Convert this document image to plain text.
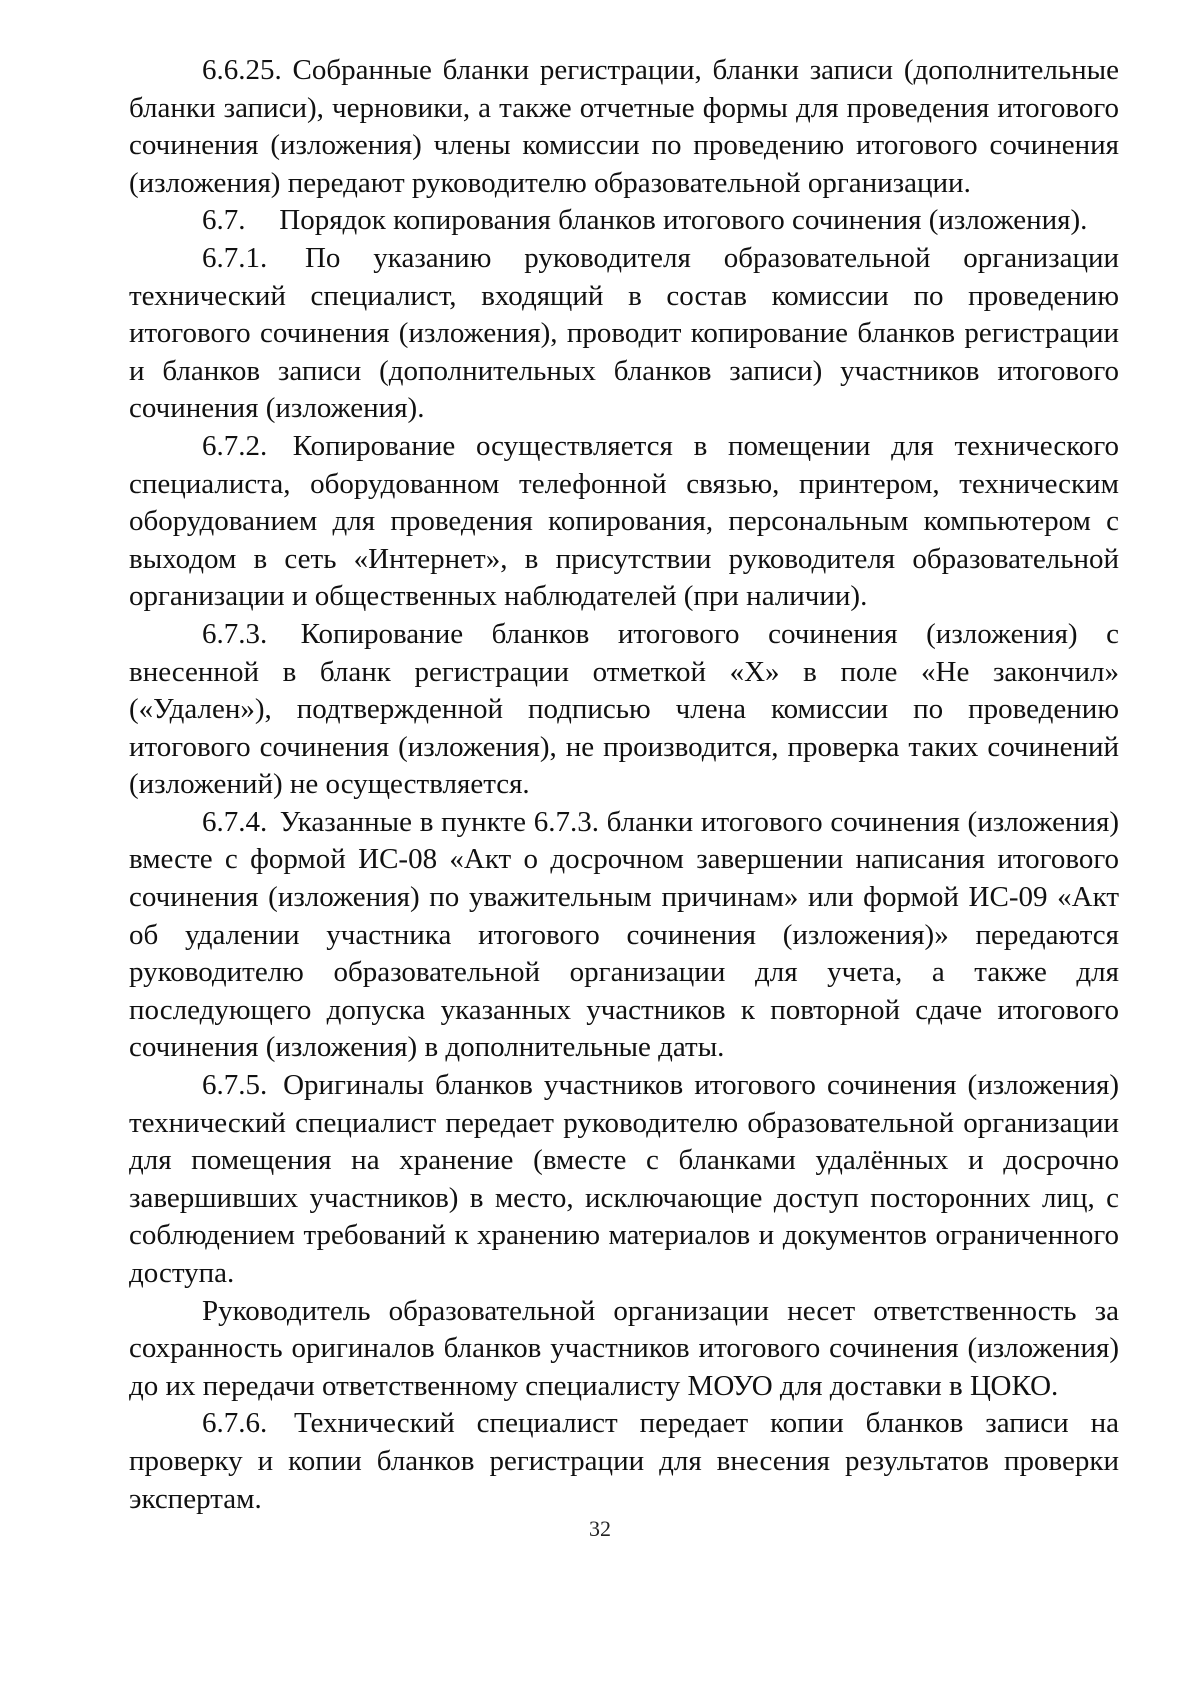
6.6.25. Собранные бланки регистрации, бланки записи (дополнительные бланки записи), черновики, а также отчетные формы для проведения итогового сочинения (изложения) члены комиссии по проведению итогового сочинения (изложения) передают руководителю образовательной организации.

6.7. Порядок копирования бланков итогового сочинения (изложения).

6.7.1. По указанию руководителя образовательной организации технический специалист, входящий в состав комиссии по проведению итогового сочинения (изложения), проводит копирование бланков регистрации и бланков записи (дополнительных бланков записи) участников итогового сочинения (изложения).

6.7.2. Копирование осуществляется в помещении для технического специалиста, оборудованном телефонной связью, принтером, техническим оборудованием для проведения копирования, персональным компьютером с выходом в сеть «Интернет», в присутствии руководителя образовательной организации и общественных наблюдателей (при наличии).

6.7.3. Копирование бланков итогового сочинения (изложения) с внесенной в бланк регистрации отметкой «Х» в поле «Не закончил» («Удален»), подтвержденной подписью члена комиссии по проведению итогового сочинения (изложения), не производится, проверка таких сочинений (изложений) не осуществляется.

6.7.4. Указанные в пункте 6.7.3. бланки итогового сочинения (изложения) вместе с формой ИС-08 «Акт о досрочном завершении написания итогового сочинения (изложения) по уважительным причинам» или формой ИС-09 «Акт об удалении участника итогового сочинения (изложения)» передаются руководителю образовательной организации для учета, а также для последующего допуска указанных участников к повторной сдаче итогового сочинения (изложения) в дополнительные даты.

6.7.5. Оригиналы бланков участников итогового сочинения (изложения) технический специалист передает руководителю образовательной организации для помещения на хранение (вместе с бланками удалённых и досрочно завершивших участников) в место, исключающие доступ посторонних лиц, с соблюдением требований к хранению материалов и документов ограниченного доступа.

Руководитель образовательной организации несет ответственность за сохранность оригиналов бланков участников итогового сочинения (изложения) до их передачи ответственному специалисту МОУО для доставки в ЦОКО.

6.7.6. Технический специалист передает копии бланков записи на проверку и копии бланков регистрации для внесения результатов проверки экспертам.

32
